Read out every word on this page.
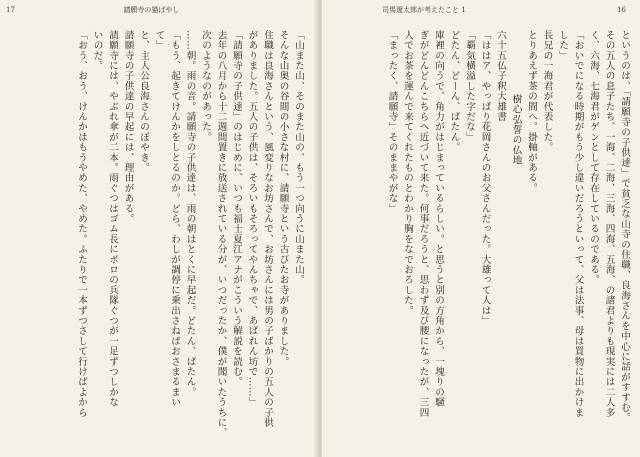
17	請願寺の猫ばやし

「山また山、そのまた山の、もう一つ向うに山また山。

そんな山奥の谷間の小さな村に、請願寺という古びたお寺がありました。

住職は良海さんという、風変りなお坊さんで、お坊さんには男の子ばかりの五人の子供

がありました。五人の子供は、そろいもそろってやんちゃで、あばれん坊で……」

「請願寺の子供達」のはじめに、いつも福士夏江アナがこういう解説を読む。

去年の八月から十二週間置きに放送されている分が、いつだったか、僕が聞いたうちに、

次のようなのがあった。

……朝。雨の音。請願寺の子供達は、雨の朝はとくに早起だ。どたん、ばたん。

「もう、起きてけんかをしとるのか。どら、わしが調停に乗出さねばおさまるまい

て」

と、主人公良海さんのぼやき。

請願寺の子供達の早起には、理由がある。

請願寺には、やぶれ傘が二本。雨ぐつはゴム長にボロの兵隊ぐつが一足ずつしかな

いのだ。

「おう、おう、けんかはもうやめた、やめた。ふたりで一本ずつさして行けばよから

司馬遼太郎が考えたこと 1	16

というのは、「請願寺の子供達」で貧乏な山寺の住職、良海さんを中心に話がすすむ。

その五人の息子たち、一海、二海、三海、四海、五海、の諸君よりも現実には二人多

く、六海、七海君がゲンとして存在しているのである。

「おいでになる時期がもう少し違いだろうといって、父は法事、母は買物に出かけま

した」

長兄の一海君が代表した。

とりあえず茶の間へ。掛軸がある。

樹心弘誓の仏地

六十五仏子釈大雄書

「ははア、やっぱり花岡さんのお父さんだった。大雄って人は」

「覇気横溢した字だな」

どたん、どーん、ばたん。

庫裡の向うで、角力がはじまっているらしい。と思うと別の方角から、一塊りの騒

ぎがどんどんこちらへ近づいて来た。何事だろうと、思わず及び腰になったが、三四

人でお茶を運んで来てくれたものとわかり胸をなでおろした。

「まったく、請願寺」そのままやがな」
